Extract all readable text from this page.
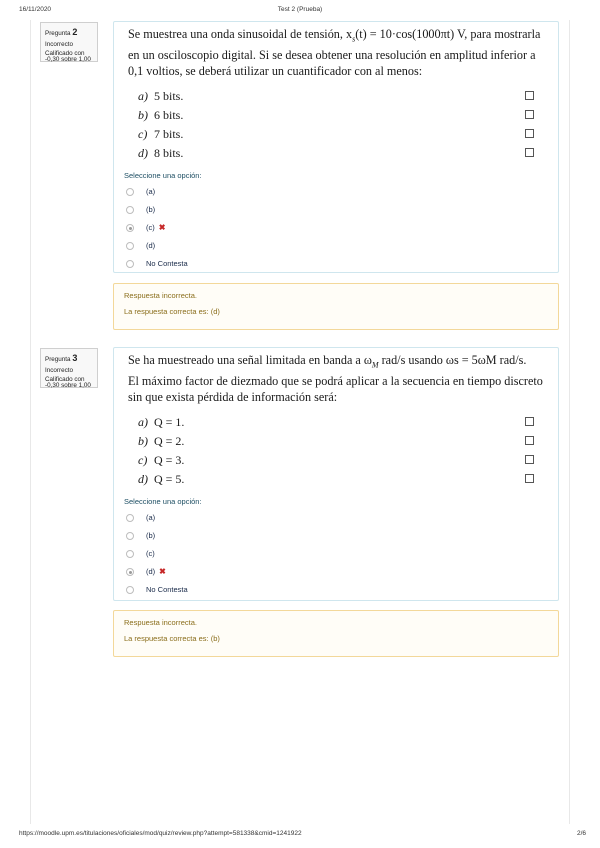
16/11/2020	Test 2 (Prueba)
Pregunta 2
Incorrecto
Calificado con
-0,30 sobre 1,00
Se muestrea una onda sinusoidal de tensión, $x_s(t) = 10\cdot\cos(1000\pi t)$ V, para mostrarla
en un osciloscopio digital. Si se desea obtener una resolución en amplitud inferior a
0,1 voltios, se deberá utilizar un cuantificador con al menos:
a) 5 bits.
b) 6 bits.
c) 7 bits.
d) 8 bits.
Seleccione una opción:
(a)
(b)
(c) ✖
(d)
No Contesta
Respuesta incorrecta.
La respuesta correcta es: (d)
Pregunta 3
Incorrecto
Calificado con
-0,30 sobre 1,00
Se ha muestreado una señal limitada en banda a $\omega_M$ rad/s usando ωs = 5ωM rad/s.
El máximo factor de diezmado que se podrá aplicar a la secuencia en tiempo discreto
sin que exista pérdida de información será:
a) Q = 1.
b) Q = 2.
c) Q = 3.
d) Q = 5.
Seleccione una opción:
(a)
(b)
(c)
(d) ✖
No Contesta
Respuesta incorrecta.
La respuesta correcta es: (b)
https://moodle.upm.es/titulaciones/oficiales/mod/quiz/review.php?attempt=581338&cmid=1241922	2/6
